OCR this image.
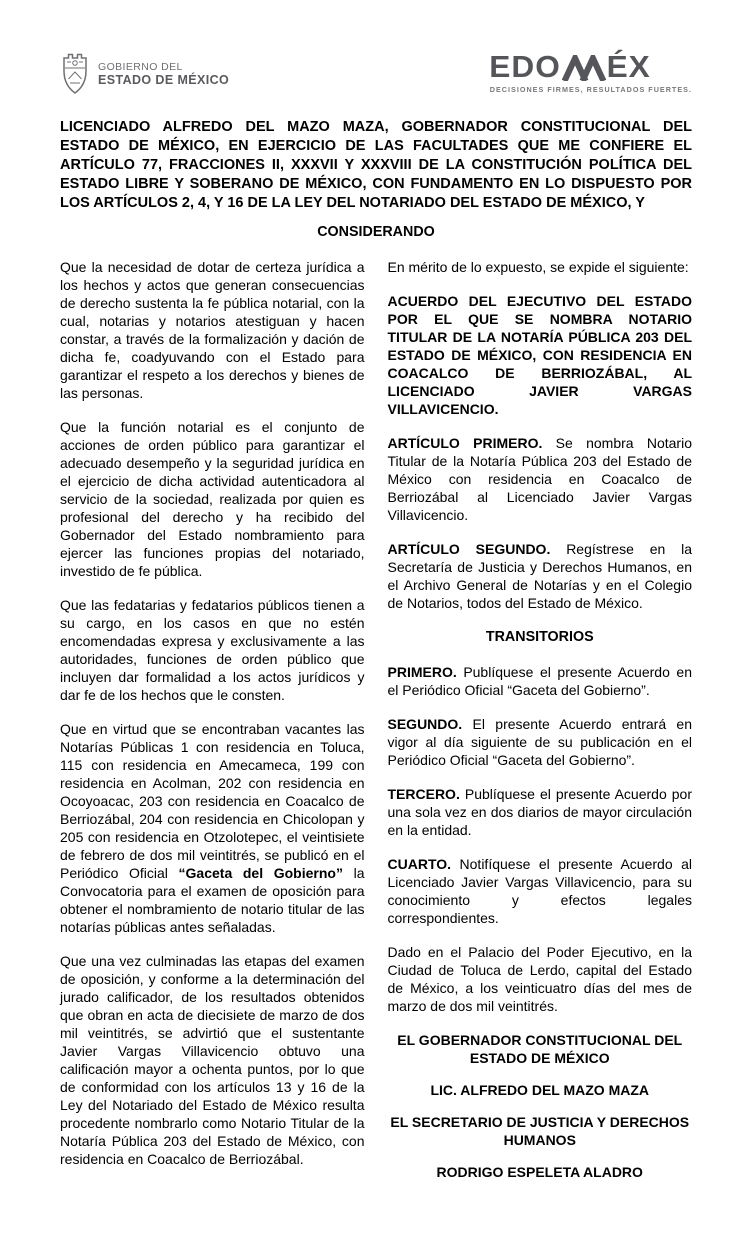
GOBIERNO DEL
ESTADO DE MÉXICO	EDO ÉX
DECISIONES FIRMES, RESULTADOS FUERTES.

LICENCIADO ALFREDO DEL MAZO MAZA, GOBERNADOR CONSTITUCIONAL DEL ESTADO DE MÉXICO, EN EJERCICIO DE LAS FACULTADES QUE ME CONFIERE EL ARTÍCULO 77, FRACCIONES II, XXXVII Y XXXVIII DE LA CONSTITUCIÓN POLÍTICA DEL ESTADO LIBRE Y SOBERANO DE MÉXICO, CON FUNDAMENTO EN LO DISPUESTO POR LOS ARTÍCULOS 2, 4, Y 16 DE LA LEY DEL NOTARIADO DEL ESTADO DE MÉXICO, Y

CONSIDERANDO

Que la necesidad de dotar de certeza jurídica a los hechos y actos que generan consecuencias de derecho sustenta la fe pública notarial, con la cual, notarias y notarios atestiguan y hacen constar, a través de la formalización y dación de dicha fe, coadyuvando con el Estado para garantizar el respeto a los derechos y bienes de las personas.

Que la función notarial es el conjunto de acciones de orden público para garantizar el adecuado desempeño y la seguridad jurídica en el ejercicio de dicha actividad autenticadora al servicio de la sociedad, realizada por quien es profesional del derecho y ha recibido del Gobernador del Estado nombramiento para ejercer las funciones propias del notariado, investido de fe pública.

Que las fedatarias y fedatarios públicos tienen a su cargo, en los casos en que no estén encomendadas expresa y exclusivamente a las autoridades, funciones de orden público que incluyen dar formalidad a los actos jurídicos y dar fe de los hechos que le consten.

Que en virtud que se encontraban vacantes las Notarías Públicas 1 con residencia en Toluca, 115 con residencia en Amecameca, 199 con residencia en Acolman, 202 con residencia en Ocoyoacac, 203 con residencia en Coacalco de Berriozábal, 204 con residencia en Chicolopan y 205 con residencia en Otzolotepec, el veintisiete de febrero de dos mil veintitrés, se publicó en el Periódico Oficial “Gaceta del Gobierno” la Convocatoria para el examen de oposición para obtener el nombramiento de notario titular de las notarías públicas antes señaladas.

Que una vez culminadas las etapas del examen de oposición, y conforme a la determinación del jurado calificador, de los resultados obtenidos que obran en acta de diecisiete de marzo de dos mil veintitrés, se advirtió que el sustentante Javier Vargas Villavicencio obtuvo una calificación mayor a ochenta puntos, por lo que de conformidad con los artículos 13 y 16 de la Ley del Notariado del Estado de México resulta procedente nombrarlo como Notario Titular de la Notaría Pública 203 del Estado de México, con residencia en Coacalco de Berriozábal.

En mérito de lo expuesto, se expide el siguiente:

ACUERDO DEL EJECUTIVO DEL ESTADO POR EL QUE SE NOMBRA NOTARIO TITULAR DE LA NOTARÍA PÚBLICA 203 DEL ESTADO DE MÉXICO, CON RESIDENCIA EN COACALCO DE BERRIOZÁBAL, AL LICENCIADO JAVIER VARGAS VILLAVICENCIO.

ARTÍCULO PRIMERO. Se nombra Notario Titular de la Notaría Pública 203 del Estado de México con residencia en Coacalco de Berriozábal al Licenciado Javier Vargas Villavicencio.

ARTÍCULO SEGUNDO. Regístrese en la Secretaría de Justicia y Derechos Humanos, en el Archivo General de Notarías y en el Colegio de Notarios, todos del Estado de México.

TRANSITORIOS

PRIMERO. Publíquese el presente Acuerdo en el Periódico Oficial “Gaceta del Gobierno”.

SEGUNDO. El presente Acuerdo entrará en vigor al día siguiente de su publicación en el Periódico Oficial “Gaceta del Gobierno”.

TERCERO. Publíquese el presente Acuerdo por una sola vez en dos diarios de mayor circulación en la entidad.

CUARTO. Notifíquese el presente Acuerdo al Licenciado Javier Vargas Villavicencio, para su conocimiento y efectos legales correspondientes.

Dado en el Palacio del Poder Ejecutivo, en la Ciudad de Toluca de Lerdo, capital del Estado de México, a los veinticuatro días del mes de marzo de dos mil veintitrés.

EL GOBERNADOR CONSTITUCIONAL DEL ESTADO DE MÉXICO

LIC. ALFREDO DEL MAZO MAZA

EL SECRETARIO DE JUSTICIA Y DERECHOS HUMANOS

RODRIGO ESPELETA ALADRO
